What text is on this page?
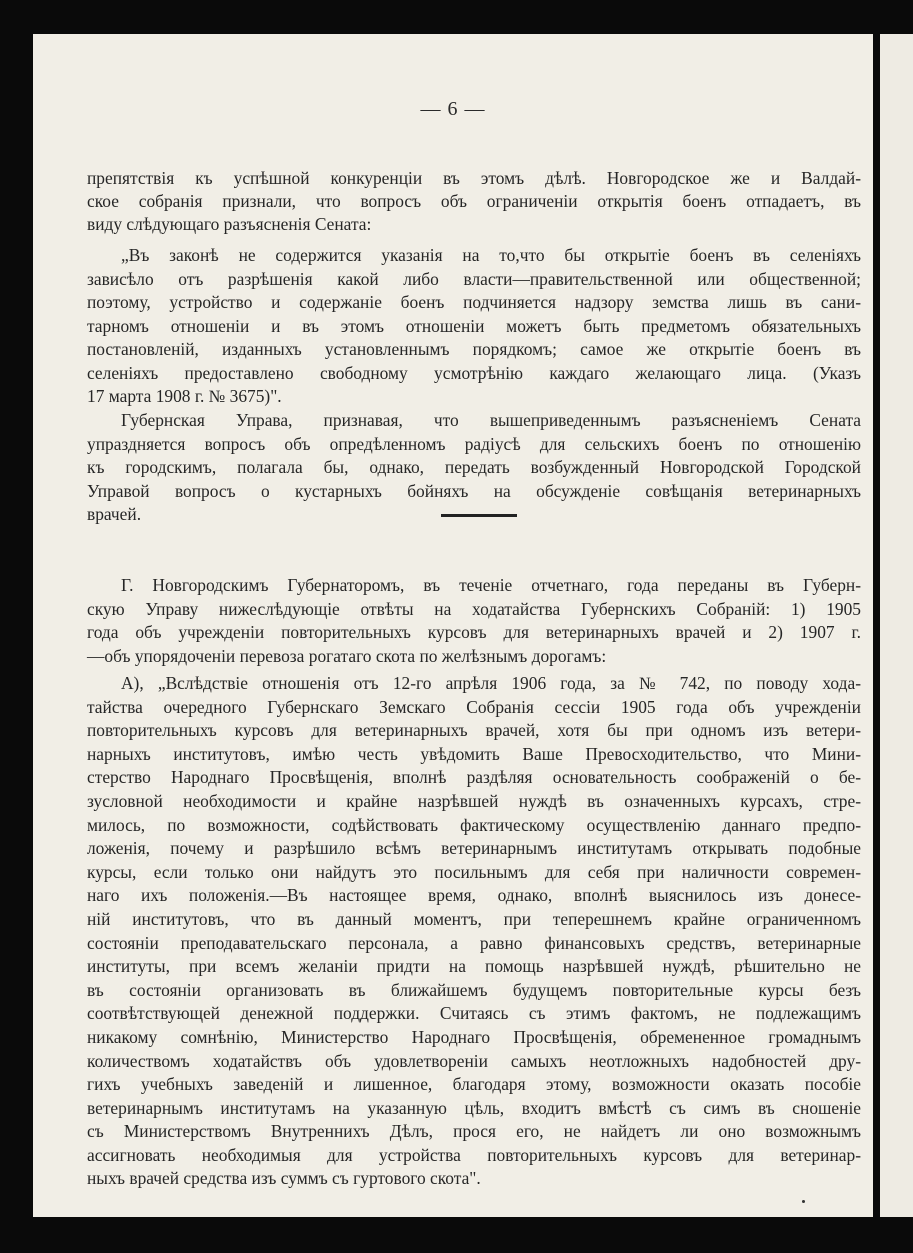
— 6 —

препятствія къ успѣшной конкуренціи въ этомъ дѣлѣ. Новгородское же и Валдай-
ское собранія признали, что вопросъ объ ограниченіи открытія боенъ отпадаетъ, въ
виду слѣдующаго разъясненія Сената:

„Въ законѣ не содержится указанія на то,что бы открытіе боенъ въ селеніяхъ
зависѣло отъ разрѣшенія какой либо власти—правительственной или общественной;
поэтому, устройство и содержаніе боенъ подчиняется надзору земства лишь въ сани-
тарномъ отношеніи и въ этомъ отношеніи можетъ быть предметомъ обязательныхъ
постановленій, изданныхъ установленнымъ порядкомъ; самое же открытіе боенъ въ
селеніяхъ предоставлено свободному усмотрѣнію каждаго желающаго лица. (Указъ
17 марта 1908 г. № 3675)".

Губернская Управа, признавая, что вышеприведеннымъ разъясненіемъ Сената
упраздняется вопросъ объ опредѣленномъ радіусѣ для сельскихъ боенъ по отношенію
къ городскимъ, полагала бы, однако, передать возбужденный Новгородской Городской
Управой вопросъ о кустарныхъ бойняхъ на обсужденіе совѣщанія ветеринарныхъ
врачей.

Г. Новгородскимъ Губернаторомъ, въ теченіе отчетнаго, года переданы въ Губерн-
скую Управу нижеслѣдующіе отвѣты на ходатайства Губернскихъ Собраній: 1) 1905
года объ учрежденіи повторительныхъ курсовъ для ветеринарныхъ врачей и 2) 1907 г.
—объ упорядоченіи перевоза рогатаго скота по желѣзнымъ дорогамъ:

А), „Вслѣдствіе отношенія отъ 12-го апрѣля 1906 года, за № 742, по поводу хода-
тайства очередного Губернскаго Земскаго Собранія сессіи 1905 года объ учрежденіи
повторительныхъ курсовъ для ветеринарныхъ врачей, хотя бы при одномъ изъ ветери-
нарныхъ институтовъ, имѣю честь увѣдомить Ваше Превосходительство, что Мини-
стерство Народнаго Просвѣщенія, вполнѣ раздѣляя основательность соображеній о бе-
зусловной необходимости и крайне назрѣвшей нуждѣ въ означенныхъ курсахъ, стре-
милось, по возможности, содѣйствовать фактическому осуществленію даннаго предпо-
ложенія, почему и разрѣшило всѣмъ ветеринарнымъ институтамъ открывать подобные
курсы, если только они найдутъ это посильнымъ для себя при наличности современ-
наго ихъ положенія.—Въ настоящее время, однако, вполнѣ выяснилось изъ донесе-
ній институтовъ, что въ данный моментъ, при теперешнемъ крайне ограниченномъ
состояніи преподавательскаго персонала, а равно финансовыхъ средствъ, ветеринарные
институты, при всемъ желаніи придти на помощь назрѣвшей нуждѣ, рѣшительно не
въ состояніи организовать въ ближайшемъ будущемъ повторительные курсы безъ
соотвѣтствующей денежной поддержки. Считаясь съ этимъ фактомъ, не подлежащимъ
никакому сомнѣнію, Министерство Народнаго Просвѣщенія, обремененное громаднымъ
количествомъ ходатайствъ объ удовлетвореніи самыхъ неотложныхъ надобностей дру-
гихъ учебныхъ заведеній и лишенное, благодаря этому, возможности оказать пособіе
ветеринарнымъ институтамъ на указанную цѣль, входитъ вмѣстѣ съ симъ въ сношеніе
съ Министерствомъ Внутреннихъ Дѣлъ, прося его, не найдетъ ли оно возможнымъ
ассигновать необходимыя для устройства повторительныхъ курсовъ для ветеринар-
ныхъ врачей средства изъ суммъ съ гуртового скота".
